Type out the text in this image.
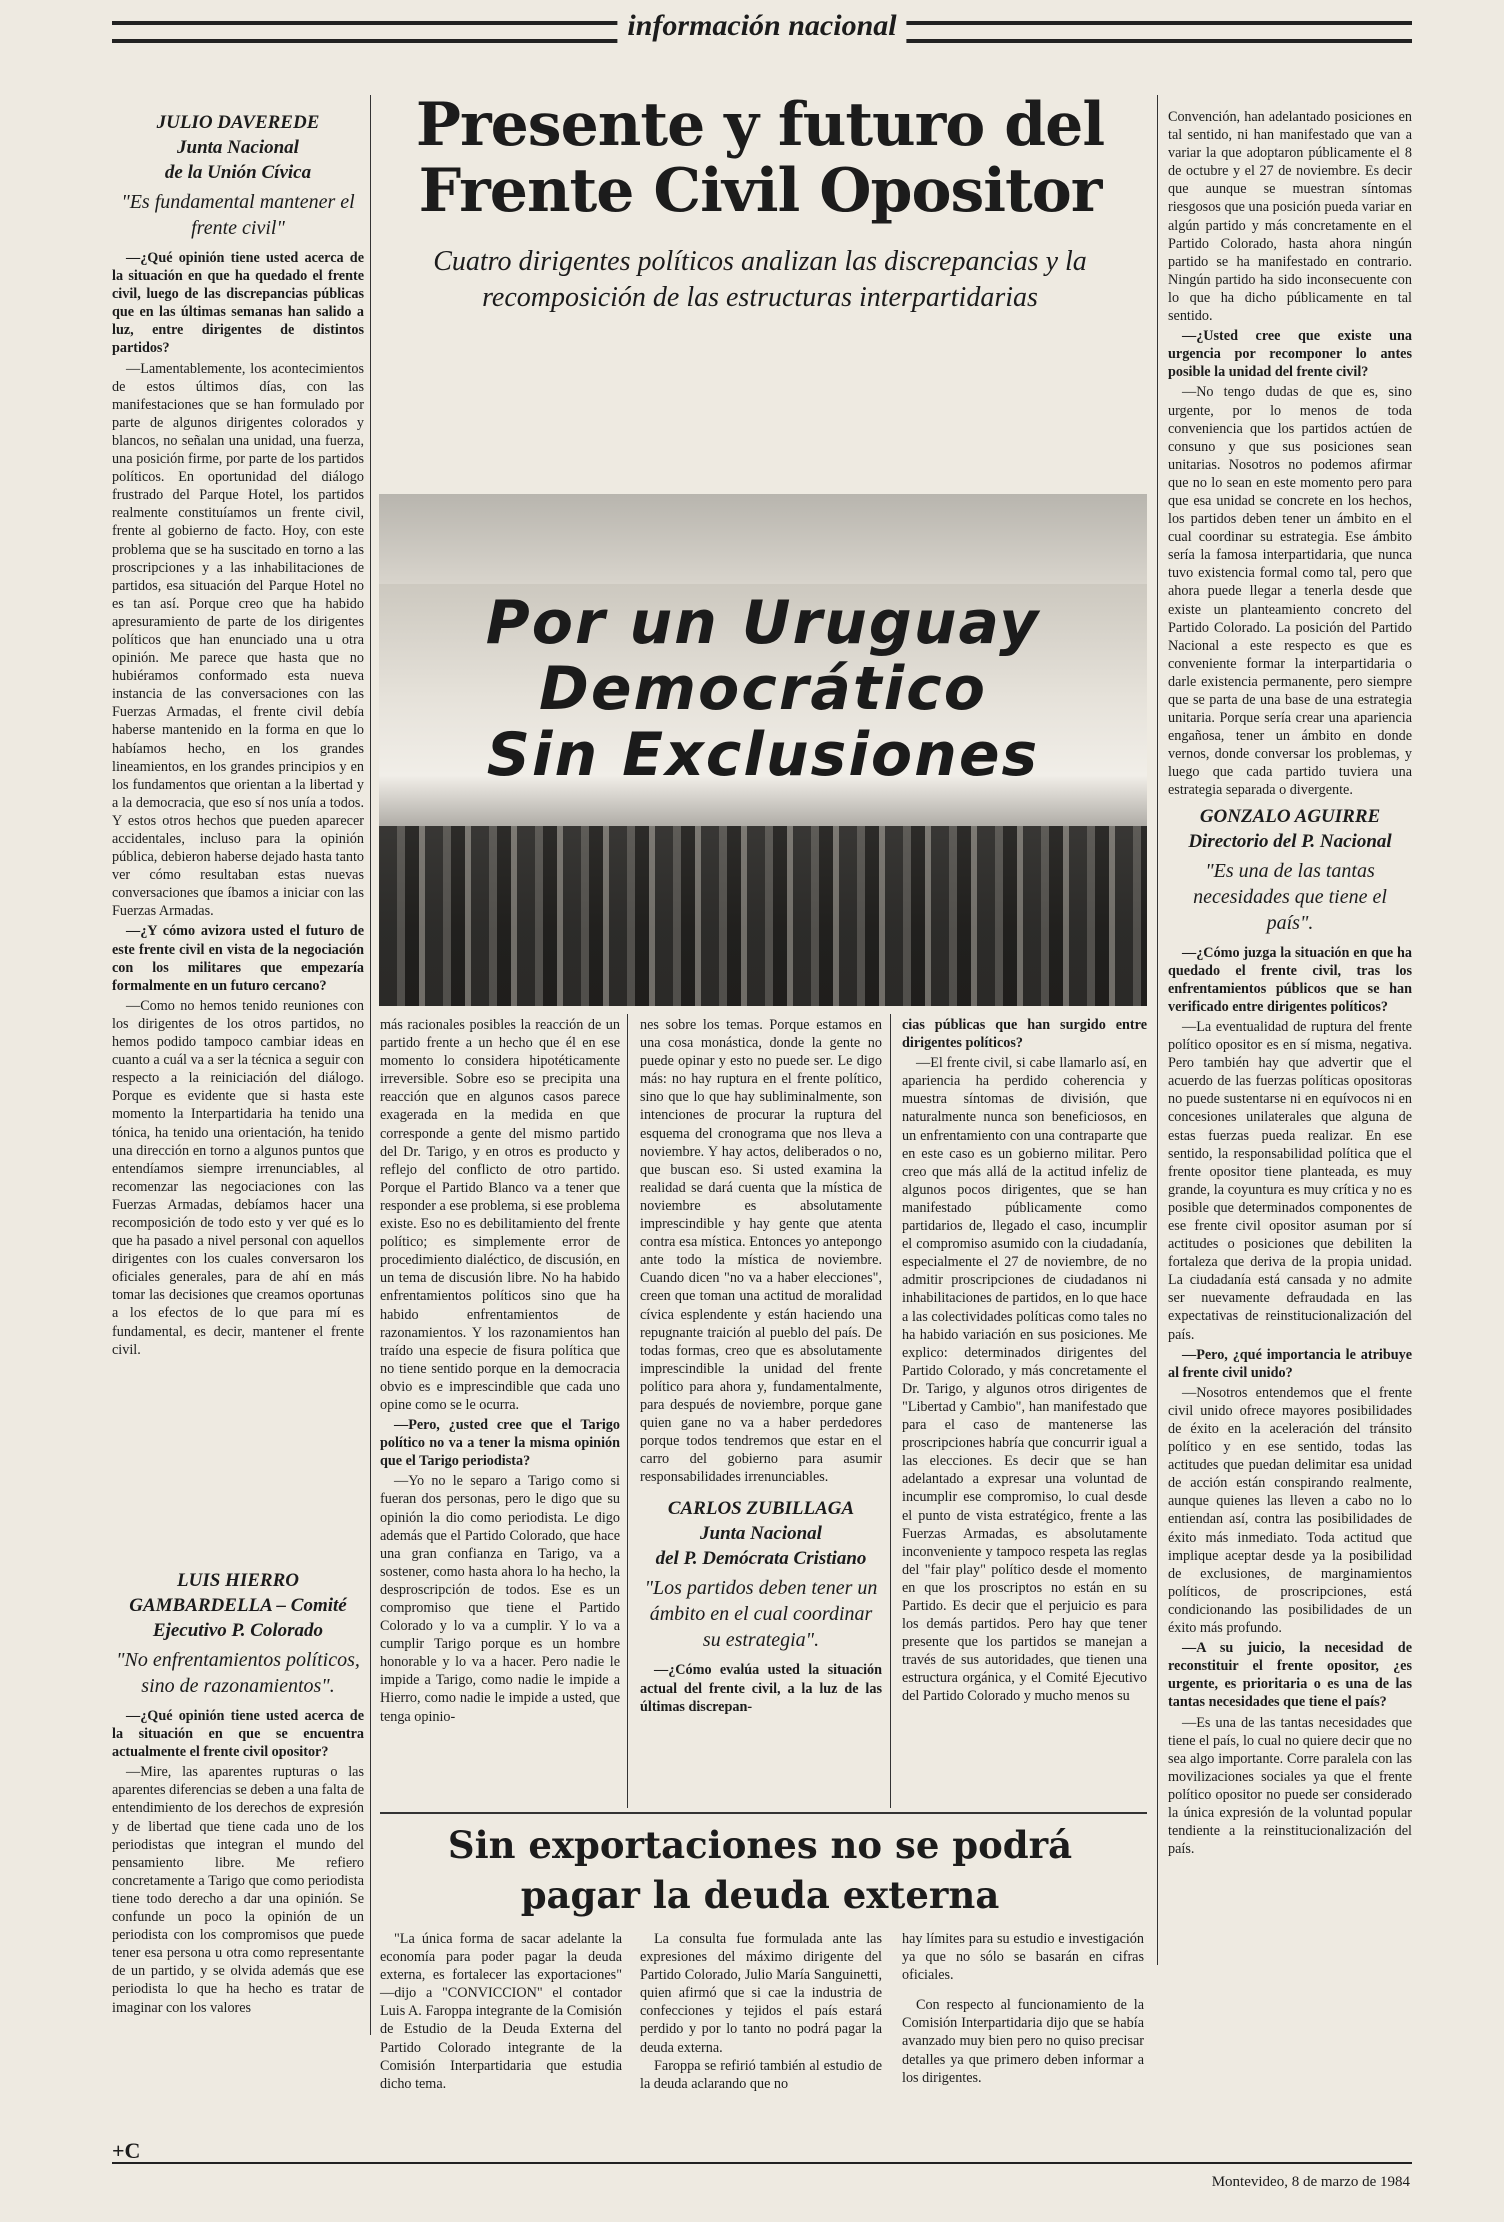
información nacional
Presente y futuro del
Frente Civil Opositor
Cuatro dirigentes políticos analizan las discrepancias y la recomposición de las estructuras interpartidarias
Por un Uruguay
Democrático
Sin Exclusiones
JULIO DAVEREDE
Junta Nacional
de la Unión Cívica
"Es fundamental mantener el frente civil"

—¿Qué opinión tiene usted acerca de la situación en que ha quedado el frente civil, luego de las discrepancias públicas que en las últimas semanas han salido a luz, entre dirigentes de distintos partidos?

—Lamentablemente, los acontecimientos de estos últimos días, con las manifestaciones que se han formulado por parte de algunos dirigentes colorados y blancos, no señalan una unidad, una fuerza, una posición firme, por parte de los partidos políticos. En oportunidad del diálogo frustrado del Parque Hotel, los partidos realmente constituíamos un frente civil, frente al gobierno de facto. Hoy, con este problema que se ha suscitado en torno a las proscripciones y a las inhabilitaciones de partidos, esa situación del Parque Hotel no es tan así. Porque creo que ha habido apresuramiento de parte de los dirigentes políticos que han enunciado una u otra opinión. Me parece que hasta que no hubiéramos conformado esta nueva instancia de las conversaciones con las Fuerzas Armadas, el frente civil debía haberse mantenido en la forma en que lo habíamos hecho, en los grandes lineamientos, en los grandes principios y en los fundamentos que orientan a la libertad y a la democracia, que eso sí nos unía a todos. Y estos otros hechos que pueden aparecer accidentales, incluso para la opinión pública, debieron haberse dejado hasta tanto ver cómo resultaban estas nuevas conversaciones que íbamos a iniciar con las Fuerzas Armadas.

—¿Y cómo avizora usted el futuro de este frente civil en vista de la negociación con los militares que empezaría formalmente en un futuro cercano?

—Como no hemos tenido reuniones con los dirigentes de los otros partidos, no hemos podido tampoco cambiar ideas en cuanto a cuál va a ser la técnica a seguir con respecto a la reiniciación del diálogo. Porque es evidente que si hasta este momento la Interpartidaria ha tenido una tónica, ha tenido una orientación, ha tenido una dirección en torno a algunos puntos que entendíamos siempre irrenunciables, al recomenzar las negociaciones con las Fuerzas Armadas, debíamos hacer una recomposición de todo esto y ver qué es lo que ha pasado a nivel personal con aquellos dirigentes con los cuales conversaron los oficiales generales, para de ahí en más tomar las decisiones que creamos oportunas a los efectos de lo que para mí es fundamental, es decir, mantener el frente civil.

LUIS HIERRO
GAMBARDELLA – Comité
Ejecutivo P. Colorado
"No enfrentamientos políticos, sino de razonamientos".

—¿Qué opinión tiene usted acerca de la situación en que se encuentra actualmente el frente civil opositor?

—Mire, las aparentes rupturas o las aparentes diferencias se deben a una falta de entendimiento de los derechos de expresión y de libertad que tiene cada uno de los periodistas que integran el mundo del pensamiento libre. Me refiero concretamente a Tarigo que como periodista tiene todo derecho a dar una opinión. Se confunde un poco la opinión de un periodista con los compromisos que puede tener esa persona u otra como representante de un partido, y se olvida además que ese periodista lo que ha hecho es tratar de imaginar con los valores

más racionales posibles la reacción de un partido frente a un hecho que él en ese momento lo considera hipotéticamente irreversible. Sobre eso se precipita una reacción que en algunos casos parece exagerada en la medida en que corresponde a gente del mismo partido del Dr. Tarigo, y en otros es producto y reflejo del conflicto de otro partido. Porque el Partido Blanco va a tener que responder a ese problema, si ese problema existe. Eso no es debilitamiento del frente político; es simplemente error de procedimiento dialéctico, de discusión, en un tema de discusión libre. No ha habido enfrentamientos políticos sino que ha habido enfrentamientos de razonamientos. Y los razonamientos han traído una especie de fisura política que no tiene sentido porque en la democracia obvio es e imprescindible que cada uno opine como se le ocurra.

—Pero, ¿usted cree que el Tarigo político no va a tener la misma opinión que el Tarigo periodista?

—Yo no le separo a Tarigo como si fueran dos personas, pero le digo que su opinión la dio como periodista. Le digo además que el Partido Colorado, que hace una gran confianza en Tarigo, va a sostener, como hasta ahora lo ha hecho, la desproscripción de todos. Ese es un compromiso que tiene el Partido Colorado y lo va a cumplir. Y lo va a cumplir Tarigo porque es un hombre honorable y lo va a hacer. Pero nadie le impide a Tarigo, como nadie le impide a Hierro, como nadie le impide a usted, que tenga opinio-

nes sobre los temas. Porque estamos en una cosa monástica, donde la gente no puede opinar y esto no puede ser. Le digo más: no hay ruptura en el frente político, sino que lo que hay subliminalmente, son intenciones de procurar la ruptura del esquema del cronograma que nos lleva a noviembre. Y hay actos, deliberados o no, que buscan eso. Si usted examina la realidad se dará cuenta que la mística de noviembre es absolutamente imprescindible y hay gente que atenta contra esa mística. Entonces yo antepongo ante todo la mística de noviembre. Cuando dicen "no va a haber elecciones", creen que toman una actitud de moralidad cívica esplendente y están haciendo una repugnante traición al pueblo del país. De todas formas, creo que es absolutamente imprescindible la unidad del frente político para ahora y, fundamentalmente, para después de noviembre, porque gane quien gane no va a haber perdedores porque todos tendremos que estar en el carro del gobierno para asumir responsabilidades irrenunciables.

CARLOS ZUBILLAGA
Junta Nacional
del P. Demócrata Cristiano
"Los partidos deben tener un ámbito en el cual coordinar su estrategia".

—¿Cómo evalúa usted la situación actual del frente civil, a la luz de las últimas discrepan-

cias públicas que han surgido entre dirigentes políticos?

—El frente civil, si cabe llamarlo así, en apariencia ha perdido coherencia y muestra síntomas de división, que naturalmente nunca son beneficiosos, en un enfrentamiento con una contraparte que en este caso es un gobierno militar. Pero creo que más allá de la actitud infeliz de algunos pocos dirigentes, que se han manifestado públicamente como partidarios de, llegado el caso, incumplir el compromiso asumido con la ciudadanía, especialmente el 27 de noviembre, de no admitir proscripciones de ciudadanos ni inhabilitaciones de partidos, en lo que hace a las colectividades políticas como tales no ha habido variación en sus posiciones. Me explico: determinados dirigentes del Partido Colorado, y más concretamente el Dr. Tarigo, y algunos otros dirigentes de "Libertad y Cambio", han manifestado que para el caso de mantenerse las proscripciones habría que concurrir igual a las elecciones. Es decir que se han adelantado a expresar una voluntad de incumplir ese compromiso, lo cual desde el punto de vista estratégico, frente a las Fuerzas Armadas, es absolutamente inconveniente y tampoco respeta las reglas del "fair play" político desde el momento en que los proscriptos no están en su Partido. Es decir que el perjuicio es para los demás partidos. Pero hay que tener presente que los partidos se manejan a través de sus autoridades, que tienen una estructura orgánica, y el Comité Ejecutivo del Partido Colorado y mucho menos su

Convención, han adelantado posiciones en tal sentido, ni han manifestado que van a variar la que adoptaron públicamente el 8 de octubre y el 27 de noviembre. Es decir que aunque se muestran síntomas riesgosos que una posición pueda variar en algún partido y más concretamente en el Partido Colorado, hasta ahora ningún partido se ha manifestado en contrario. Ningún partido ha sido inconsecuente con lo que ha dicho públicamente en tal sentido.

—¿Usted cree que existe una urgencia por recomponer lo antes posible la unidad del frente civil?

—No tengo dudas de que es, sino urgente, por lo menos de toda conveniencia que los partidos actúen de consuno y que sus posiciones sean unitarias. Nosotros no podemos afirmar que no lo sean en este momento pero para que esa unidad se concrete en los hechos, los partidos deben tener un ámbito en el cual coordinar su estrategia. Ese ámbito sería la famosa interpartidaria, que nunca tuvo existencia formal como tal, pero que ahora puede llegar a tenerla desde que existe un planteamiento concreto del Partido Colorado. La posición del Partido Nacional a este respecto es que es conveniente formar la interpartidaria o darle existencia permanente, pero siempre que se parta de una base de una estrategia unitaria. Porque sería crear una apariencia engañosa, tener un ámbito en donde vernos, donde conversar los problemas, y luego que cada partido tuviera una estrategia separada o divergente.

GONZALO AGUIRRE
Directorio del P. Nacional
"Es una de las tantas necesidades que tiene el país".

—¿Cómo juzga la situación en que ha quedado el frente civil, tras los enfrentamientos públicos que se han verificado entre dirigentes políticos?

—La eventualidad de ruptura del frente político opositor es en sí misma, negativa. Pero también hay que advertir que el acuerdo de las fuerzas políticas opositoras no puede sustentarse ni en equívocos ni en concesiones unilaterales que alguna de estas fuerzas pueda realizar. En ese sentido, la responsabilidad política que el frente opositor tiene planteada, es muy grande, la coyuntura es muy crítica y no es posible que determinados componentes de ese frente civil opositor asuman por sí actitudes o posiciones que debiliten la fortaleza que deriva de la propia unidad. La ciudadanía está cansada y no admite ser nuevamente defraudada en las expectativas de reinstitucionalización del país.

—Pero, ¿qué importancia le atribuye al frente civil unido?

—Nosotros entendemos que el frente civil unido ofrece mayores posibilidades de éxito en la aceleración del tránsito político y en ese sentido, todas las actitudes que puedan delimitar esa unidad de acción están conspirando realmente, aunque quienes las lleven a cabo no lo entiendan así, contra las posibilidades de éxito más inmediato. Toda actitud que implique aceptar desde ya la posibilidad de exclusiones, de marginamientos políticos, de proscripciones, está condicionando las posibilidades de un éxito más profundo.

—A su juicio, la necesidad de reconstituir el frente opositor, ¿es urgente, es prioritaria o es una de las tantas necesidades que tiene el país?

—Es una de las tantas necesidades que tiene el país, lo cual no quiere decir que no sea algo importante. Corre paralela con las movilizaciones sociales ya que el frente político opositor no puede ser considerado la única expresión de la voluntad popular tendiente a la reinstitucionalización del país.

Sin exportaciones no se podrá
pagar la deuda externa

"La única forma de sacar adelante la economía para poder pagar la deuda externa, es fortalecer las exportaciones" —dijo a "CONVICCION" el contador Luis A. Faroppa integrante de la Comisión de Estudio de la Deuda Externa del Partido Colorado integrante de la Comisión Interpartidaria que estudia dicho tema.

La consulta fue formulada ante las expresiones del máximo dirigente del Partido Colorado, Julio María Sanguinetti, quien afirmó que si cae la industria de confecciones y tejidos el país estará perdido y por lo tanto no podrá pagar la deuda externa.

Faroppa se refirió también al estudio de la deuda aclarando que no

hay límites para su estudio e investigación ya que no sólo se basarán en cifras oficiales.

Con respecto al funcionamiento de la Comisión Interpartidaria dijo que se había avanzado muy bien pero no quiso precisar detalles ya que primero deben informar a los dirigentes.

+C
Montevideo, 8 de marzo de 1984
